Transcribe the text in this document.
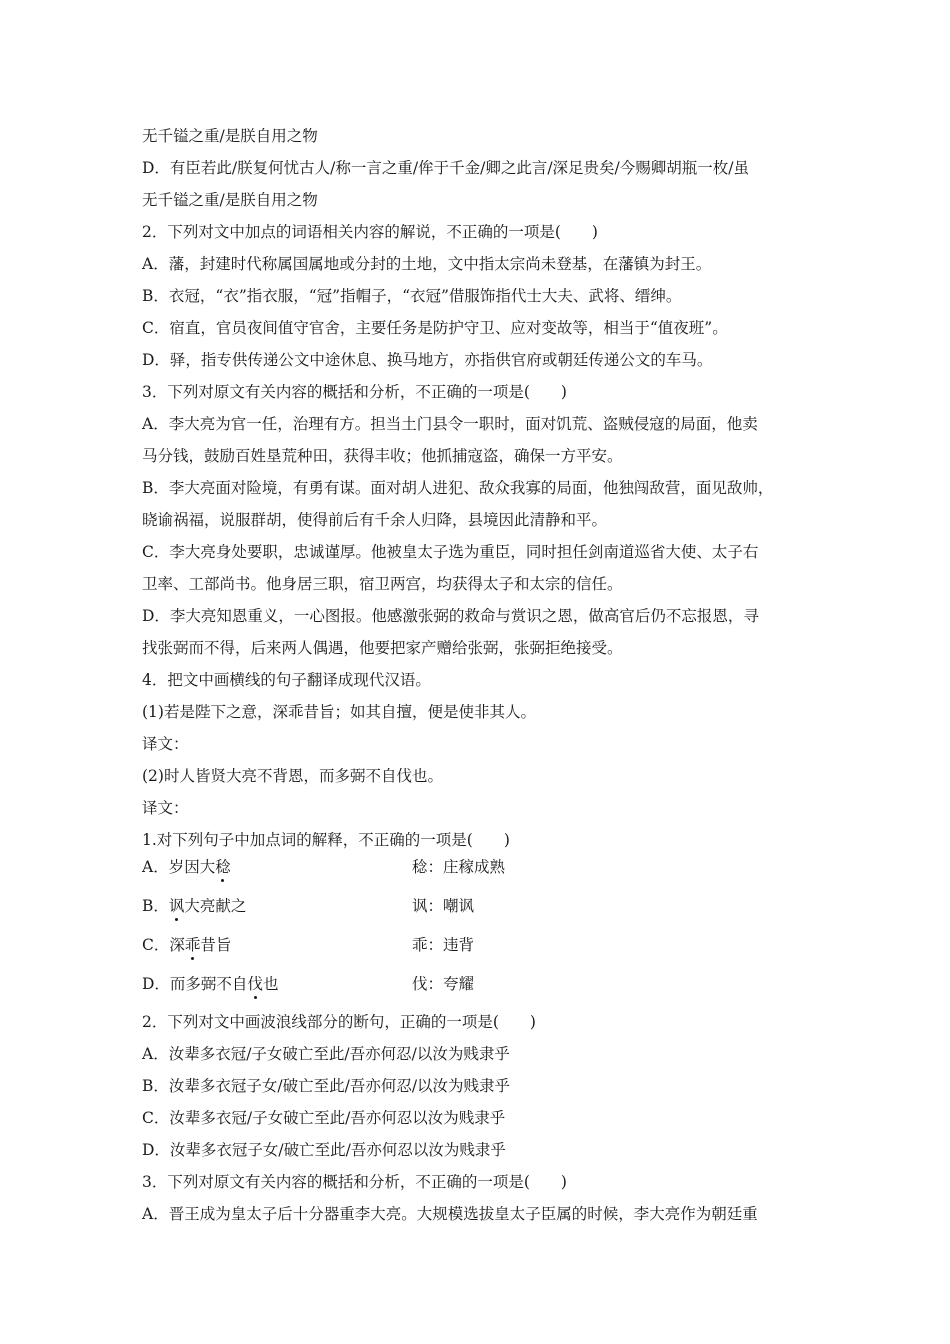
无千镒之重/是朕自用之物
D．有臣若此/朕复何忧古人/称一言之重/侔于千金/卿之此言/深足贵矣/今赐卿胡瓶一枚/虽
无千镒之重/是朕自用之物
2．下列对文中加点的词语相关内容的解说，不正确的一项是(　　)
A．藩，封建时代称属国属地或分封的土地，文中指太宗尚未登基，在藩镇为封王。
B．衣冠，“衣”指衣服，“冠”指帽子，“衣冠”借服饰指代士大夫、武将、缙绅。
C．宿直，官员夜间值守官舍，主要任务是防护守卫、应对变故等，相当于“值夜班”。
D．驿，指专供传递公文中途休息、换马地方，亦指供官府或朝廷传递公文的车马。
3．下列对原文有关内容的概括和分析，不正确的一项是(　　)
A．李大亮为官一任，治理有方。担当土门县令一职时，面对饥荒、盗贼侵寇的局面，他卖
马分钱，鼓励百姓垦荒种田，获得丰收；他抓捕寇盗，确保一方平安。
B．李大亮面对险境，有勇有谋。面对胡人进犯、敌众我寡的局面，他独闯敌营，面见敌帅，
晓谕祸福，说服群胡，使得前后有千余人归降，县境因此清静和平。
C．李大亮身处要职，忠诚谨厚。他被皇太子选为重臣，同时担任剑南道巡省大使、太子右
卫率、工部尚书。他身居三职，宿卫两宫，均获得太子和太宗的信任。
D．李大亮知恩重义，一心图报。他感激张弼的救命与赏识之恩，做高官后仍不忘报恩，寻
找张弼而不得，后来两人偶遇，他要把家产赠给张弼，张弼拒绝接受。
4．把文中画横线的句子翻译成现代汉语。
(1)若是陛下之意，深乖昔旨；如其自擅，便是使非其人。
译文：
(2)时人皆贤大亮不背恩，而多弼不自伐也。
译文：
1.对下列句子中加点词的解释，不正确的一项是(　　)
A．岁因大稔	稔：庄稼成熟
B．讽大亮献之	讽：嘲讽
C．深乖昔旨	乖：违背
D．而多弼不自伐也	伐：夸耀
2．下列对文中画波浪线部分的断句，正确的一项是(　　)
A．汝辈多衣冠/子女破亡至此/吾亦何忍/以汝为贱隶乎
B．汝辈多衣冠子女/破亡至此/吾亦何忍/以汝为贱隶乎
C．汝辈多衣冠/子女破亡至此/吾亦何忍以汝为贱隶乎
D．汝辈多衣冠子女/破亡至此/吾亦何忍以汝为贱隶乎
3．下列对原文有关内容的概括和分析，不正确的一项是(　　)
A．晋王成为皇太子后十分器重李大亮。大规模选拔皇太子臣属的时候，李大亮作为朝廷重
